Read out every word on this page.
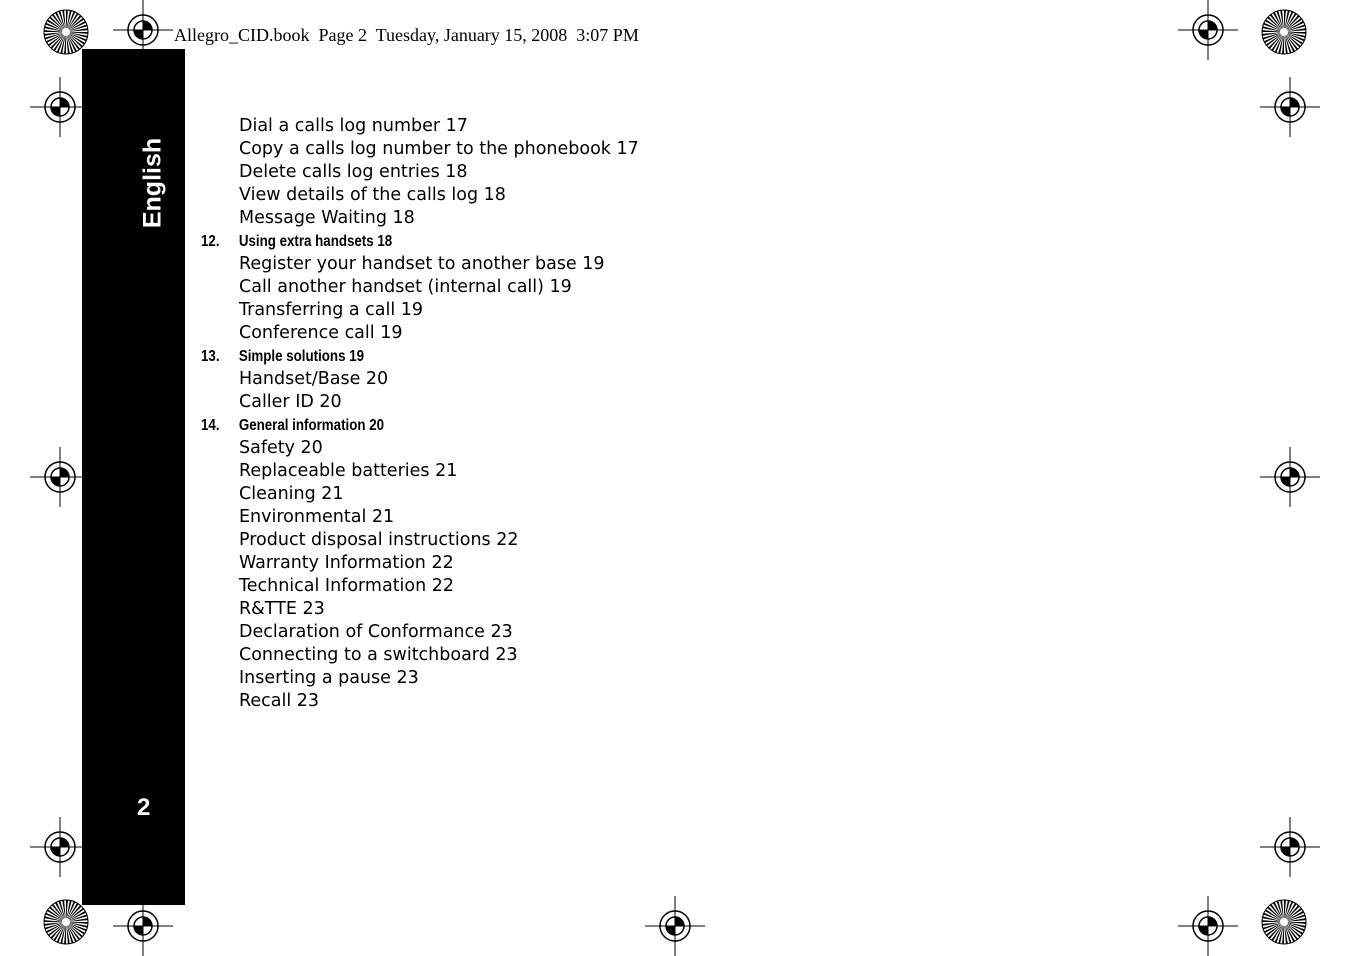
Allegro_CID.book  Page 2  Tuesday, January 15, 2008  3:07 PM
English
2
Dial a calls log number 17
Copy a calls log number to the phonebook 17
Delete calls log entries 18
View details of the calls log 18
Message Waiting 18
12. Using extra handsets 18
Register your handset to another base 19
Call another handset (internal call) 19
Transferring a call 19
Conference call 19
13. Simple solutions 19
Handset/Base 20
Caller ID 20
14. General information 20
Safety 20
Replaceable batteries 21
Cleaning 21
Environmental 21
Product disposal instructions 22
Warranty Information 22
Technical Information 22
R&TTE 23
Declaration of Conformance 23
Connecting to a switchboard 23
Inserting a pause 23
Recall 23
